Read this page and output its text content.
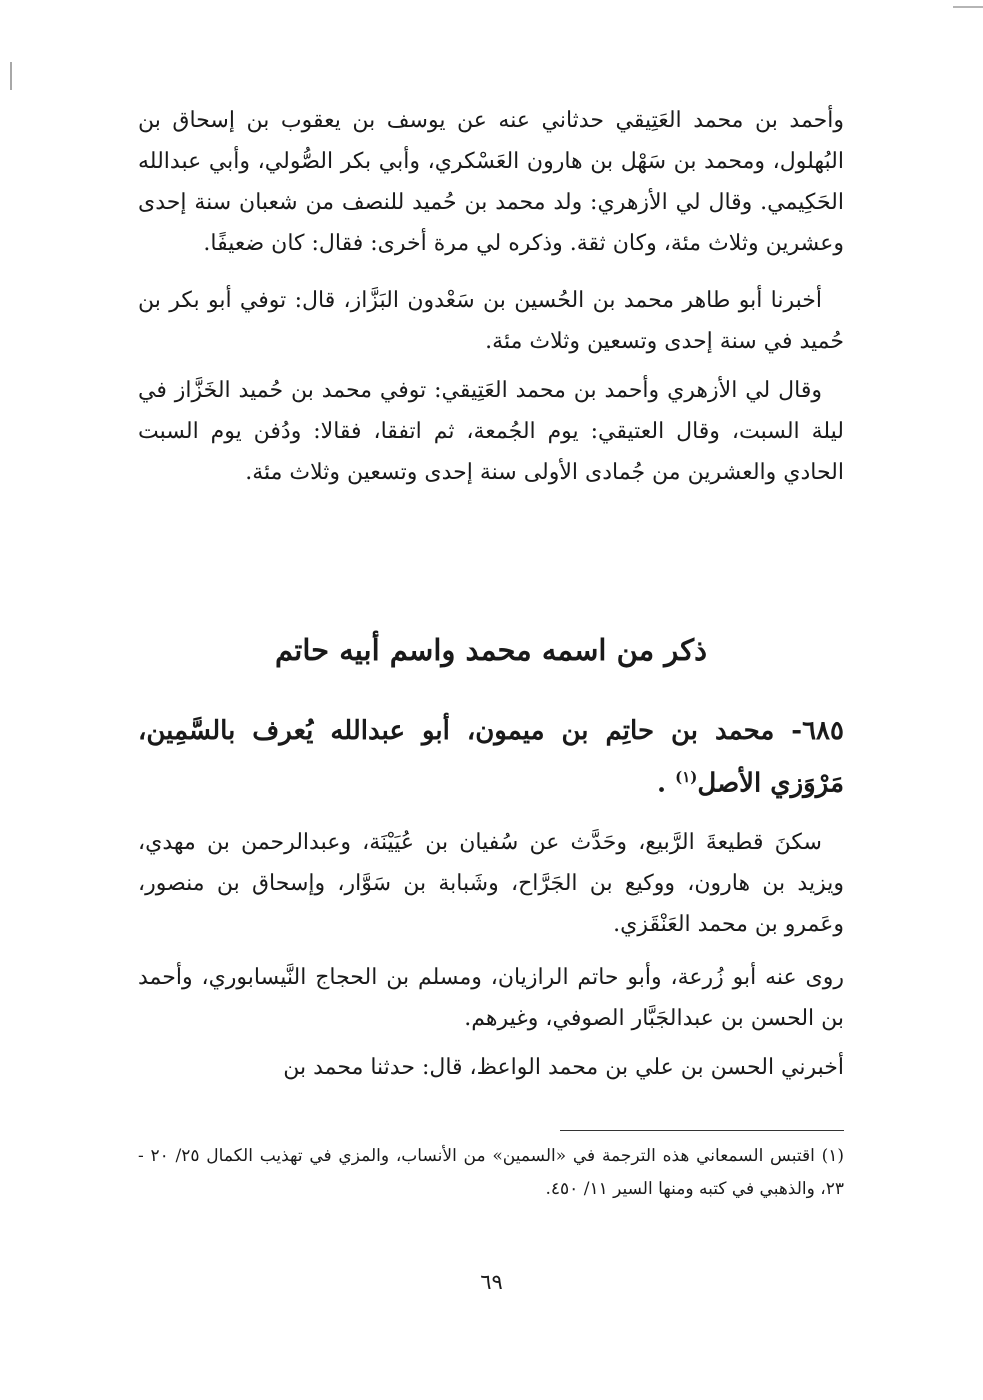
وأحمد بن محمد العَتِيقي حدثاني عنه عن يوسف بن يعقوب بن إسحاق بن البُهلول، ومحمد بن سَهْل بن هارون العَسْكري، وأبي بكر الصُّولي، وأبي عبدالله الحَكِيمي. وقال لي الأزهري: ولد محمد بن حُميد للنصف من شعبان سنة إحدى وعشرين وثلاث مئة، وكان ثقة. وذكره لي مرة أخرى: فقال: كان ضعيفًا.

أخبرنا أبو طاهر محمد بن الحُسين بن سَعْدون البَزَّاز، قال: توفي أبو بكر بن حُميد في سنة إحدى وتسعين وثلاث مئة.

وقال لي الأزهري وأحمد بن محمد العَتِيقي: توفي محمد بن حُميد الخَزَّاز في ليلة السبت، وقال العتيقي: يوم الجُمعة، ثم اتفقا، فقالا: ودُفن يوم السبت الحادي والعشرين من جُمادى الأولى سنة إحدى وتسعين وثلاث مئة.

ذكر من اسمه محمد واسم أبيه حاتم
٦٨٥- محمد بن حاتِم بن ميمون، أبو عبدالله يُعرف بالسَّمِين، مَرْوَزي الأصل$^{(١)}$ .

سكنَ قطيعةَ الرَّبيع، وحَدَّث عن سُفيان بن عُيَيْنَة، وعبدالرحمن بن مهدي، ويزيد بن هارون، ووكيع بن الجَرَّاح، وشَبابة بن سَوَّار، وإسحاق بن منصور، وعَمرو بن محمد العَنْقَزي.

روى عنه أبو زُرعة، وأبو حاتم الرازيان، ومسلم بن الحجاج النَّيسابوري، وأحمد بن الحسن بن عبدالجَبَّار الصوفي، وغيرهم.

أخبرني الحسن بن علي بن محمد الواعظ، قال: حدثنا محمد بن

(١) اقتبس السمعاني هذه الترجمة في «السمين» من الأنساب، والمزي في تهذيب الكمال ٢٥/ ٢٠ - ٢٣، والذهبي في كتبه ومنها السير ١١/ ٤٥٠.
٦٩
